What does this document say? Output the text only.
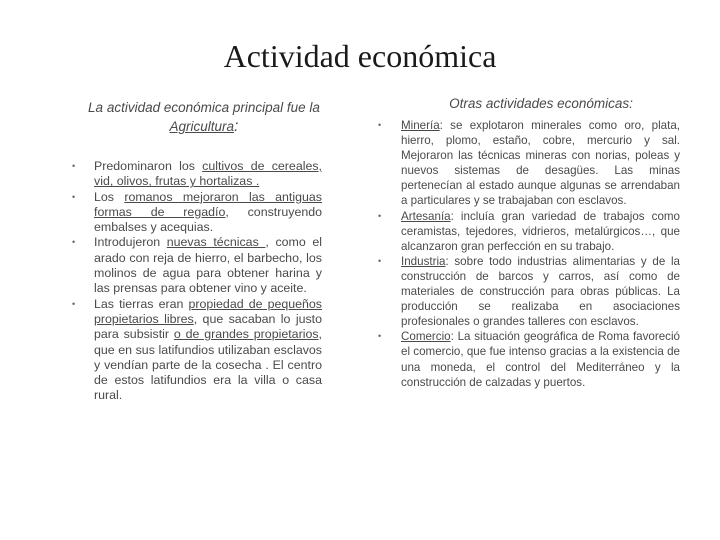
Actividad económica
La actividad económica principal fue la Agricultura:
•	Predominaron los cultivos de cereales, vid, olivos, frutas y hortalizas .
•	Los romanos mejoraron las antiguas formas de regadío, construyendo embalses y acequias.
•	Introdujeron nuevas técnicas , como el arado con reja de hierro, el barbecho, los molinos de agua para obtener harina y las prensas para obtener vino y aceite.
•	Las tierras eran propiedad de pequeños propietarios libres, que sacaban lo justo para subsistir o de grandes propietarios, que en sus latifundios utilizaban esclavos y vendían parte de la cosecha . El centro de estos latifundios era la villa o casa rural.
Otras actividades económicas:
•	Minería: se explotaron minerales como oro, plata, hierro, plomo, estaño, cobre, mercurio y sal. Mejoraron las técnicas mineras con norias, poleas y nuevos sistemas de desagües. Las minas pertenecían al estado aunque algunas se arrendaban a particulares y se trabajaban con esclavos.
•	Artesanía: incluía gran variedad de trabajos como ceramistas, tejedores, vidrieros, metalúrgicos…, que alcanzaron gran perfección en su trabajo.
•	Industria: sobre todo industrias alimentarias y de la construcción de barcos y carros, así como de materiales de construcción para obras públicas. La producción se realizaba en asociaciones profesionales o grandes talleres con esclavos.
•	Comercio: La situación geográfica de Roma favoreció el comercio, que fue intenso gracias a la existencia de una moneda, el control del Mediterráneo y la construcción de calzadas y puertos.
